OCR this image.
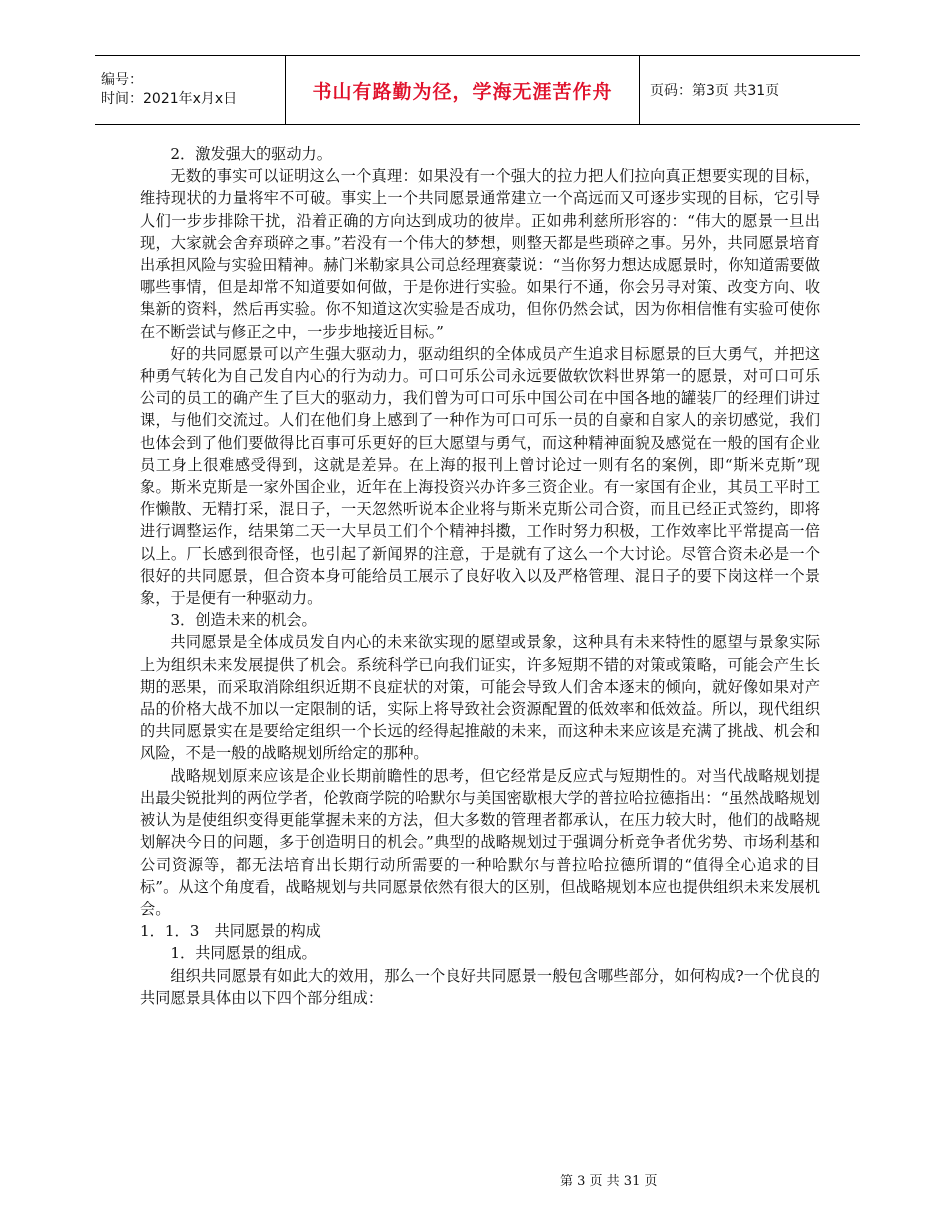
编号：
时间：2021年x月x日	书山有路勤为径，学海无涯苦作舟	页码：第3页 共31页

2．激发强大的驱动力。

无数的事实可以证明这么一个真理：如果没有一个强大的拉力把人们拉向真正想要实现的目标，维持现状的力量将牢不可破。事实上一个共同愿景通常建立一个高远而又可逐步实现的目标，它引导人们一步步排除干扰，沿着正确的方向达到成功的彼岸。正如弗利慈所形容的：“伟大的愿景一旦出现，大家就会舍弃琐碎之事。”若没有一个伟大的梦想，则整天都是些琐碎之事。另外，共同愿景培育出承担风险与实验田精神。赫门米勒家具公司总经理赛蒙说：“当你努力想达成愿景时，你知道需要做哪些事情，但是却常不知道要如何做，于是你进行实验。如果行不通，你会另寻对策、改变方向、收集新的资料，然后再实验。你不知道这次实验是否成功，但你仍然会试，因为你相信惟有实验可使你在不断尝试与修正之中，一步步地接近目标。”

好的共同愿景可以产生强大驱动力，驱动组织的全体成员产生追求目标愿景的巨大勇气，并把这种勇气转化为自己发自内心的行为动力。可口可乐公司永远要做软饮料世界第一的愿景，对可口可乐公司的员工的确产生了巨大的驱动力，我们曾为可口可乐中国公司在中国各地的罐装厂的经理们讲过课，与他们交流过。人们在他们身上感到了一种作为可口可乐一员的自豪和自家人的亲切感觉，我们也体会到了他们要做得比百事可乐更好的巨大愿望与勇气，而这种精神面貌及感觉在一般的国有企业员工身上很难感受得到，这就是差异。在上海的报刊上曾讨论过一则有名的案例，即“斯米克斯”现象。斯米克斯是一家外国企业，近年在上海投资兴办许多三资企业。有一家国有企业，其员工平时工作懒散、无精打采，混日子，一天忽然听说本企业将与斯米克斯公司合资，而且已经正式签约，即将进行调整运作，结果第二天一大早员工们个个精神抖擞，工作时努力积极，工作效率比平常提高一倍以上。厂长感到很奇怪，也引起了新闻界的注意，于是就有了这么一个大讨论。尽管合资未必是一个很好的共同愿景，但合资本身可能给员工展示了良好收入以及严格管理、混日子的要下岗这样一个景象，于是便有一种驱动力。

3．创造未来的机会。

共同愿景是全体成员发自内心的未来欲实现的愿望或景象，这种具有未来特性的愿望与景象实际上为组织未来发展提供了机会。系统科学已向我们证实，许多短期不错的对策或策略，可能会产生长期的恶果，而采取消除组织近期不良症状的对策，可能会导致人们舍本逐末的倾向，就好像如果对产品的价格大战不加以一定限制的话，实际上将导致社会资源配置的低效率和低效益。所以，现代组织的共同愿景实在是要给定组织一个长远的经得起推敲的未来，而这种未来应该是充满了挑战、机会和风险，不是一般的战略规划所给定的那种。

战略规划原来应该是企业长期前瞻性的思考，但它经常是反应式与短期性的。对当代战略规划提出最尖锐批判的两位学者，伦敦商学院的哈默尔与美国密歇根大学的普拉哈拉德指出：“虽然战略规划被认为是使组织变得更能掌握未来的方法，但大多数的管理者都承认，在压力较大时，他们的战略规划解决今日的问题，多于创造明日的机会。”典型的战略规划过于强调分析竞争者优劣势、市场利基和公司资源等，都无法培育出长期行动所需要的一种哈默尔与普拉哈拉德所谓的“值得全心追求的目标”。从这个角度看，战略规划与共同愿景依然有很大的区别，但战略规划本应也提供组织未来发展机会。

1．1．3　共同愿景的构成

1．共同愿景的组成。

组织共同愿景有如此大的效用，那么一个良好共同愿景一般包含哪些部分，如何构成?一个优良的共同愿景具体由以下四个部分组成：

第 3 页 共 31 页
